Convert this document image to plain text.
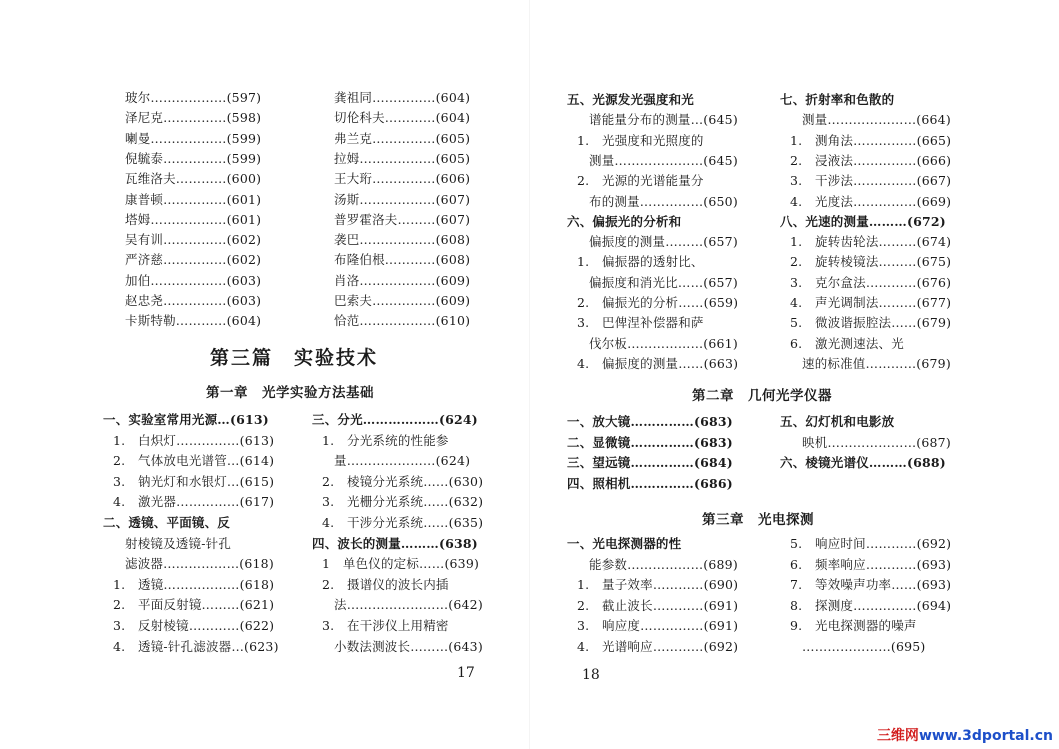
玻尔………………(597)
泽尼克……………(598)
喇曼………………(599)
倪毓泰……………(599)
瓦维洛夫…………(600)
康普顿……………(601)
塔姆………………(601)
吴有训……………(602)
严济慈……………(602)
加伯………………(603)
赵忠尧……………(603)
卡斯特勒…………(604)
龚祖同……………(604)
切伦科夫…………(604)
弗兰克……………(605)
拉姆………………(605)
王大珩……………(606)
汤斯………………(607)
普罗霍洛夫………(607)
袭巴………………(608)
布隆伯根…………(608)
肖洛………………(609)
巴索夫……………(609)
恰范………………(610)
第三篇　实验技术
第一章　光学实验方法基础
一、实验室常用光源…(613)
1.　白炽灯……………(613)
2.　气体放电光谱管…(614)
3.　钠光灯和水银灯…(615)
4.　激光器……………(617)
二、透镜、平面镜、反
射棱镜及透镜-针孔
滤波器………………(618)
1.　透镜………………(618)
2.　平面反射镜………(621)
3.　反射棱镜…………(622)
4.　透镜-针孔滤波器…(623)
三、分光………………(624)
1.　分光系统的性能参
量…………………(624)
2.　棱镜分光系统……(630)
3.　光栅分光系统……(632)
4.　干涉分光系统……(635)
四、波长的测量………(638)
1　单色仪的定标……(639)
2.　摄谱仪的波长内插
法……………………(642)
3.　在干涉仪上用精密
小数法测波长………(643)
17
五、光源发光强度和光
谱能量分布的测量…(645)
1.　光强度和光照度的
测量…………………(645)
2.　光源的光谱能量分
布的测量……………(650)
六、偏振光的分析和
偏振度的测量………(657)
1.　偏振器的透射比、
偏振度和消光比……(657)
2.　偏振光的分析……(659)
3.　巴俾涅补偿器和萨
伐尔板………………(661)
4.　偏振度的测量……(663)
七、折射率和色散的
测量…………………(664)
1.　测角法……………(665)
2.　浸液法……………(666)
3.　干涉法……………(667)
4.　光度法……………(669)
八、光速的测量………(672)
1.　旋转齿轮法………(674)
2.　旋转棱镜法………(675)
3.　克尔盒法…………(676)
4.　声光调制法………(677)
5.　微波谐振腔法……(679)
6.　激光测速法、光
速的标准值…………(679)
第二章　几何光学仪器
一、放大镜……………(683)
二、显微镜……………(683)
三、望远镜……………(684)
四、照相机……………(686)
五、幻灯机和电影放
映机…………………(687)
六、棱镜光谱仪………(688)
第三章　光电探测
一、光电探测器的性
能参数………………(689)
1.　量子效率…………(690)
2.　截止波长…………(691)
3.　响应度……………(691)
4.　光谱响应…………(692)
5.　响应时间…………(692)
6.　频率响应…………(693)
7.　等效噪声功率……(693)
8.　探测度……………(694)
9.　光电探测器的噪声
…………………(695)
18
三维网www.3dportal.cn
